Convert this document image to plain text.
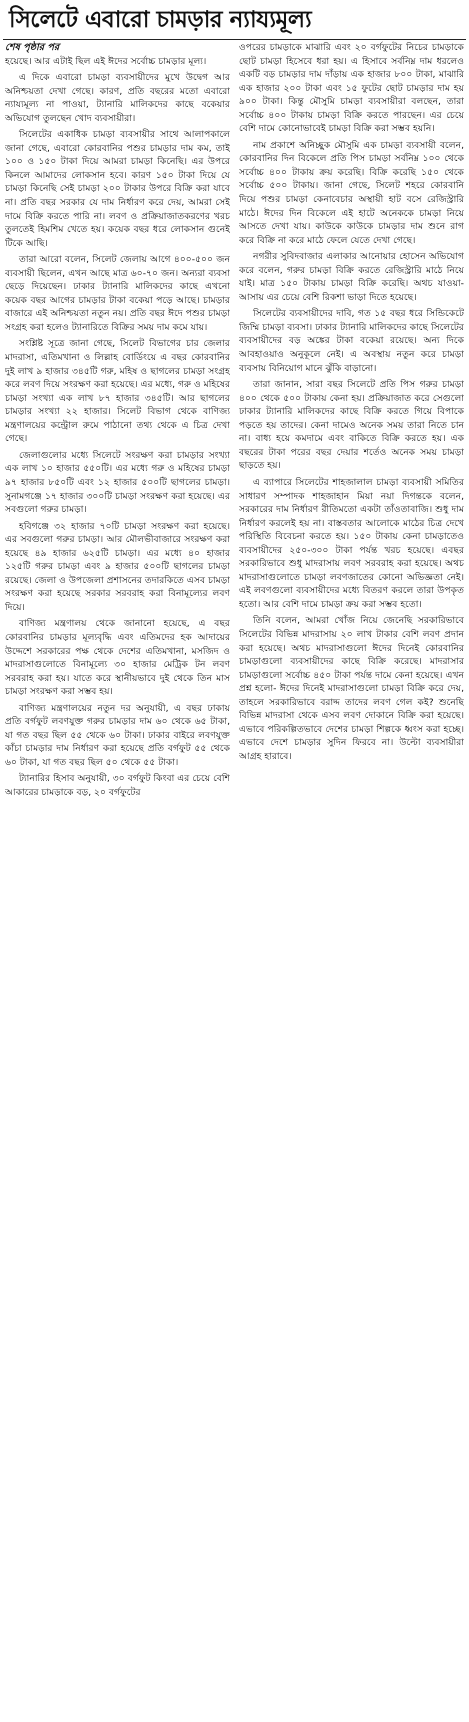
সিলেটে এবারো চামড়ার ন্যায্যমূল্য

শেষ পৃষ্ঠার পর

হয়েছে। আর এটাই ছিল এই ঈদের সর্বোচ্চ চামড়ার মূল্য।

এ দিকে এবারো চামড়া ব্যবসায়ীদের মুখে উদ্বেগ আর অনিশ্চয়তা দেখা গেছে। কারণ, প্রতি বছরের মতো এবারো ন্যায্যমূল্য না পাওয়া, ট্যানারি মালিকদের কাছে বকেয়ার অভিযোগ তুলছেন খোদ ব্যবসায়ীরা।

সিলেটের একাধিক চামড়া ব্যবসায়ীর সাথে আলাপকালে জানা গেছে, এবারো কোরবানির পশুর চামড়ার দাম কম, তাই ১০০ ও ১৫০ টাকা দিয়ে আমরা চামড়া কিনেছি। এর উপরে কিনলে আমাদের লোকসান হবে। কারণ ১৫০ টাকা দিয়ে যে চামড়া কিনেছি সেই চামড়া ২০০ টাকার উপরে বিক্রি করা যাবে না। প্রতি বছর সরকার যে দাম নির্ধারণ করে দেয়, আমরা সেই দামে বিক্রি করতে পারি না। লবণ ও প্রক্রিয়াজাতকরণের খরচ তুলতেই হিমশিম খেতে হয়। কয়েক বছর ধরে লোকসান গুনেই টিকে আছি।

তারা আরো বলেন, সিলেট জেলায় আগে ৪০০-৫০০ জন ব্যবসায়ী ছিলেন, এখন আছে মাত্র ৬০-৭০ জন। অন্যরা ব্যবসা ছেড়ে দিয়েছেন। ঢাকার ট্যানারি মালিকদের কাছে এখনো কয়েক বছর আগের চামড়ার টাকা বকেয়া পড়ে আছে। চামড়ার বাজারে এই অনিশ্চয়তা নতুন নয়। প্রতি বছর ঈদে পশুর চামড়া সংগ্রহ করা হলেও ট্যানারিতে বিক্রির সময় দাম কমে যায়।

সংশ্লিষ্ট সূত্রে জানা গেছে, সিলেট বিভাগের চার জেলার মাদরাসা, এতিমখানা ও লিল্লাহ বোর্ডিংয়ে এ বছর কোরবানির দুই লাখ ৯ হাজার ৩৪৫টি গরু, মহিষ ও ছাগলের চামড়া সংগ্রহ করে লবণ দিয়ে সংরক্ষণ করা হয়েছে। এর মধ্যে, গরু ও মহিষের চামড়া সংখ্যা এক লাখ ৮৭ হাজার ৩৪৫টি। আর ছাগলের চামড়ার সংখ্যা ২২ হাজার। সিলেট বিভাগ থেকে বাণিজ্য মন্ত্রণালয়ের কন্ট্রোল রুমে পাঠানো তথ্য থেকে এ চিত্র দেখা গেছে।

জেলাগুলোর মধ্যে সিলেটে সংরক্ষণ করা চামড়ার সংখ্যা এক লাখ ১০ হাজার ৫৫০টি। এর মধ্যে গরু ও মহিষের চামড়া ৯৭ হাজার ৮৫০টি এবং ১২ হাজার ৫০০টি ছাগলের চামড়া। সুনামগঞ্জে ১৭ হাজার ৩০০টি চামড়া সংরক্ষণ করা হয়েছে। এর সবগুলো গরুর চামড়া।

হবিগঞ্জে ৩২ হাজার ৭০টি চামড়া সংরক্ষণ করা হয়েছে। এর সবগুলো গরুর চামড়া। আর মৌলভীবাজারে সংরক্ষণ করা হয়েছে ৪৯ হাজার ৬২৫টি চামড়া। এর মধ্যে ৪০ হাজার ১২৫টি গরুর চামড়া এবং ৯ হাজার ৫০০টি ছাগলের চামড়া রয়েছে। জেলা ও উপজেলা প্রশাসনের তদারকিতে এসব চামড়া সংরক্ষণ করা হয়েছে সরকার সরবরাহ করা বিনামূল্যের লবণ দিয়ে।

বাণিজ্য মন্ত্রণালয় থেকে জানানো হয়েছে, এ বছর কোরবানির চামড়ার মূল্যবৃদ্ধি এবং এতিমদের হক আদায়ের উদ্দেশে সরকারের পক্ষ থেকে দেশের এতিমখানা, মসজিদ ও মাদরাসাগুলোতে বিনামূল্যে ৩০ হাজার মেট্রিক টন লবণ সরবরাহ করা হয়। যাতে করে স্থানীয়ভাবে দুই থেকে তিন মাস চামড়া সংরক্ষণ করা সম্ভব হয়।

বাণিজ্য মন্ত্রণালয়ের নতুন দর অনুযায়ী, এ বছর ঢাকায় প্রতি বর্গফুট লবণযুক্ত গরুর চামড়ার দাম ৬০ থেকে ৬৫ টাকা, যা গত বছর ছিল ৫৫ থেকে ৬০ টাকা। ঢাকার বাইরে লবণযুক্ত কাঁচা চামড়ার দাম নির্ধারণ করা হয়েছে প্রতি বর্গফুট ৫৫ থেকে ৬০ টাকা, যা গত বছর ছিল ৫০ থেকে ৫৫ টাকা।

ট্যানারির হিসাব অনুযায়ী, ৩০ বর্গফুট কিংবা এর চেয়ে বেশি আকারের চামড়াকে বড়, ২০ বর্গফুটের

ওপরের চামড়াকে মাঝারি এবং ২০ বর্গফুটের নিচের চামড়াকে ছোট চামড়া হিসেবে ধরা হয়। এ হিসাবে সর্বনিম্ন দাম ধরলেও একটি বড় চামড়ার দাম দাঁড়ায় এক হাজার ৮০০ টাকা, মাঝারি এক হাজার ২০০ টাকা এবং ১৫ ফুটের ছোট চামড়ার দাম হয় ৯০০ টাকা। কিন্তু মৌসুমি চামড়া ব্যবসায়ীরা বলছেন, তারা সর্বোচ্চ ৪০০ টাকায় চামড়া বিক্রি করতে পারছেন। এর চেয়ে বেশি দামে কোনোভাবেই চামড়া বিক্রি করা সম্ভব হয়নি।

নাম প্রকাশে অনিচ্ছুক মৌসুমি এক চামড়া ব্যবসায়ী বলেন, কোরবানির দিন বিকেলে প্রতি পিস চামড়া সর্বনিম্ন ১০০ থেকে সর্বোচ্চ ৪০০ টাকায় ক্রয় করেছি। বিক্রি করেছি ১৫০ থেকে সর্বোচ্চ ৫০০ টাকায়। জানা গেছে, সিলেট শহরে কোরবানি দিয়ে পশুর চামড়া কেনাবেচার অস্থায়ী হাট বসে রেজিস্ট্রারি মাঠে। ঈদের দিন বিকেলে এই হাটে অনেককে চামড়া নিয়ে আসতে দেখা যায়। কাউকে কাউকে চামড়ার দাম শুনে রাগ করে বিক্রি না করে মাঠে ফেলে যেতে দেখা গেছে।

নগরীর সুবিদবাজার এলাকার আনোয়ার হোসেন অভিযোগ করে বলেন, গরুর চামড়া বিক্রি করতে রেজিস্ট্রারি মাঠে নিয়ে যাই। মাত্র ১৫০ টাকায় চামড়া বিক্রি করেছি। অথচ যাওয়া-আসায় এর চেয়ে বেশি রিকশা ভাড়া দিতে হয়েছে।

সিলেটের ব্যবসায়ীদের দাবি, গত ১৫ বছর ধরে সিন্ডিকেটে জিম্মি চামড়া ব্যবসা। ঢাকার ট্যানারি মালিকদের কাছে সিলেটের ব্যবসায়ীদের বড় অঙ্কের টাকা বকেয়া রয়েছে। অন্য দিকে আবহাওয়াও অনুকূলে নেই। এ অবস্থায় নতুন করে চামড়া ব্যবসায় বিনিয়োগ মানে ঝুঁকি বাড়ানো।

তারা জানান, সারা বছর সিলেটে প্রতি পিস গরুর চামড়া ৪০০ থেকে ৫০০ টাকায় কেনা হয়। প্রক্রিয়াজাত করে সেগুলো ঢাকার ট্যানারি মালিকদের কাছে বিক্রি করতে গিয়ে বিপাকে পড়তে হয় তাদের। কেনা দামেও অনেক সময় তারা নিতে চান না। বাধ্য হয়ে কমদামে এবং বাকিতে বিক্রি করতে হয়। এক বছরের টাকা পরের বছর দেয়ার শর্তেও অনেক সময় চামড়া ছাড়তে হয়।

এ ব্যাপারে সিলেটের শাহজালাল চামড়া ব্যবসায়ী সমিতির সাধারণ সম্পাদক শাহজাহান মিয়া নয়া দিগন্তকে বলেন, সরকারের দাম নির্ধারণ রীতিমতো একটা তাঁওতাবাজি। শুধু দাম নির্ধারণ করলেই হয় না। বাস্তবতার আলোকে মাঠের চিত্র দেখে পরিস্থিতি বিবেচনা করতে হয়। ১৫০ টাকায় কেনা চামড়াতেও ব্যবসায়ীদের ২৫০-৩০০ টাকা পর্যন্ত খরচ হয়েছে। এবছর সরকারিভাবে শুধু মাদরাসায় লবণ সরবরাহ করা হয়েছে। অথচ মাদরাসাগুলোতে চামড়া লবণজাতের কোনো অভিজ্ঞতা নেই। এই লবণগুলো ব্যবসায়ীদের মধ্যে বিতরণ করলে তারা উপকৃত হতো। আর বেশি দামে চামড়া ক্রয় করা সম্ভব হতো।

তিনি বলেন, আমরা খোঁজ নিয়ে জেনেছি সরকারিভাবে সিলেটের বিভিন্ন মাদরাসায় ২০ লাখ টাকার বেশি লবণ প্রদান করা হয়েছে। অথচ মাদরাসাগুলো ঈদের দিনেই কোরবানির চামড়াগুলো ব্যবসায়ীদের কাছে বিক্রি করেছে। মাদরাসার চামড়াগুলো সর্বোচ্চ ৪৫০ টাকা পর্যন্ত দামে কেনা হয়েছে। এখন প্রশ্ন হলো- ঈদের দিনেই মাদরাসাগুলো চামড়া বিক্রি করে দেয়, তাহলে সরকারিভাবে বরাদ্দ তাদের লবণ গেল কই? শুনেছি বিভিন্ন মাদরাসা থেকে এসব লবণ দোকানে বিক্রি করা হয়েছে। এভাবে পরিকল্পিতভাবে দেশের চামড়া শিল্পকে ধ্বংস করা হচ্ছে। এভাবে দেশে চামড়ার সুদিন ফিরবে না। উল্টো ব্যবসায়ীরা আগ্রহ হারাবে।
